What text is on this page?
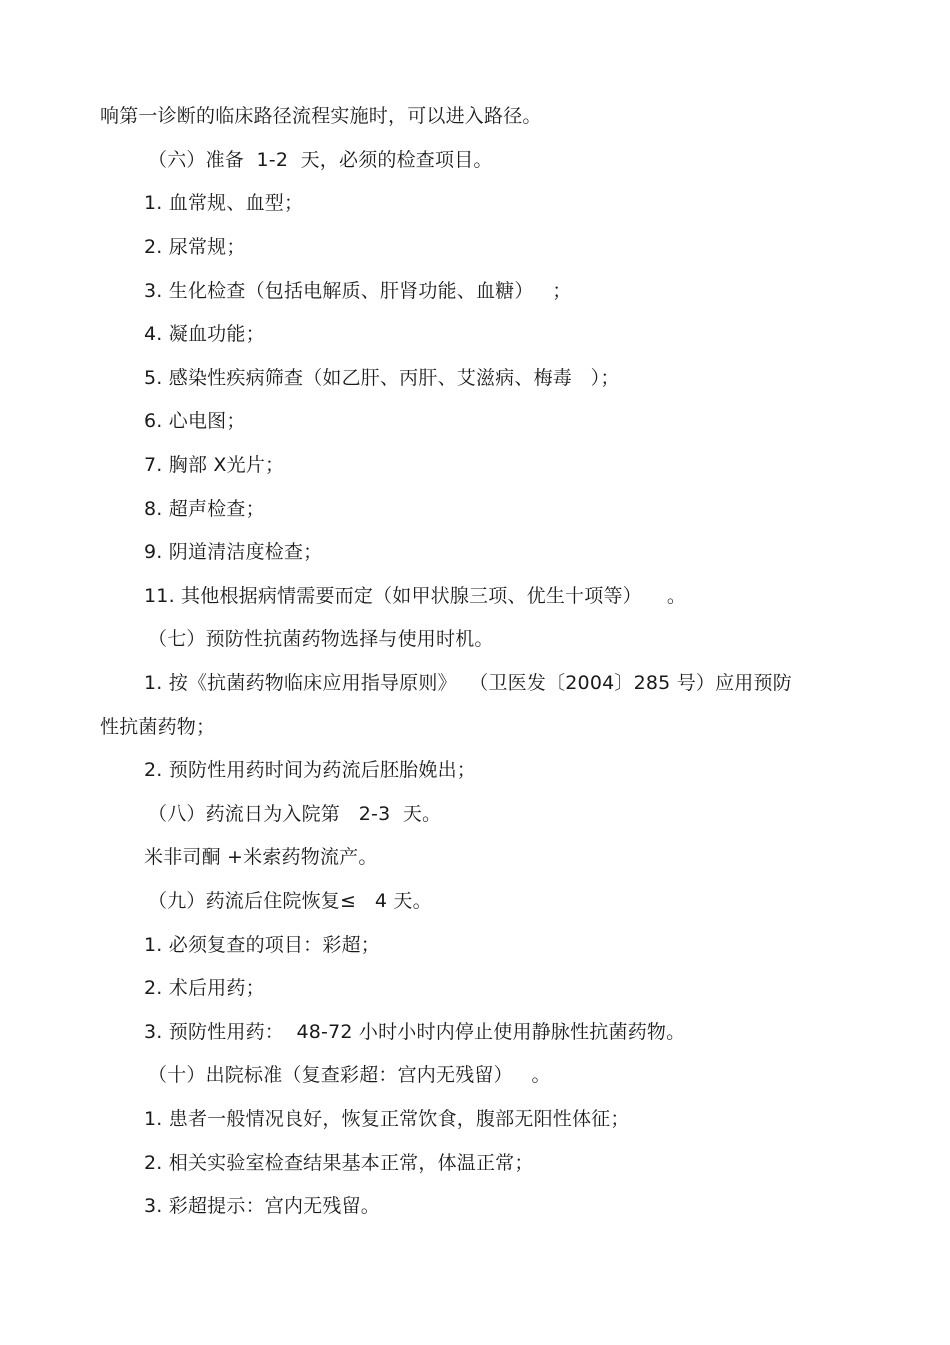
响第一诊断的临床路径流程实施时，可以进入路径。
（六）准备  1-2  天，必须的检查项目。
1. 血常规、血型；
2. 尿常规；
3. 生化检查（包括电解质、肝肾功能、血糖）   ；
4. 凝血功能；
5. 感染性疾病筛查（如乙肝、丙肝、艾滋病、梅毒   ）；
6. 心电图；
7. 胸部 X光片；
8. 超声检查；
9. 阴道清洁度检查；
11. 其他根据病情需要而定（如甲状腺三项、优生十项等）    。
（七）预防性抗菌药物选择与使用时机。
1. 按《抗菌药物临床应用指导原则》  （卫医发〔2004〕285 号）应用预防
性抗菌药物；
2. 预防性用药时间为药流后胚胎娩出；
（八）药流日为入院第   2-3  天。
米非司酮 +米索药物流产。
（九）药流后住院恢复≤   4 天。
1. 必须复查的项目：彩超；
2. 术后用药；
3. 预防性用药：  48-72 小时小时内停止使用静脉性抗菌药物。
（十）出院标准（复查彩超：宫内无残留）   。
1. 患者一般情况良好，恢复正常饮食，腹部无阳性体征；
2. 相关实验室检查结果基本正常，体温正常；
3. 彩超提示：宫内无残留。
